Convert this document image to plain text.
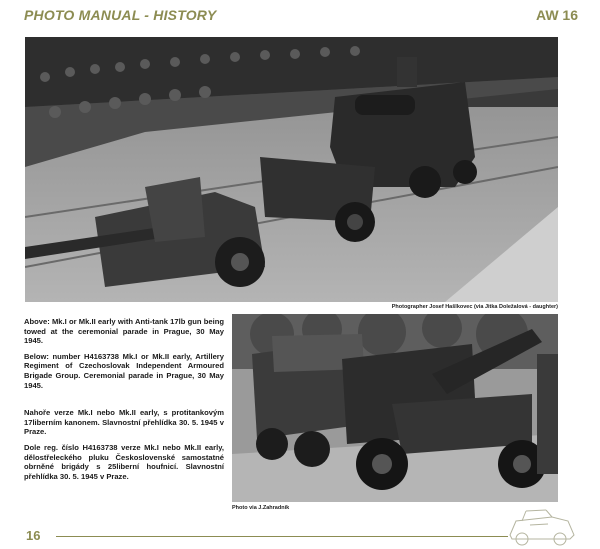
PHOTO MANUAL - HISTORY	AW 16
Photographer Josef Hašlkovec (via Jitka Doležalová - daughter)
Photo via J.Zahradník

Above: Mk.I or Mk.II early with Anti-tank 17lb gun being towed at the ceremonial parade in Prague, 30 May 1945.

Below: number H4163738 Mk.I or Mk.II early, Artillery Regiment of Czechoslovak Independent Armoured Brigade Group. Ceremonial parade in Prague, 30 May 1945.

Nahoře verze Mk.I nebo Mk.II early, s protitankovým 17liberním kanonem. Slavnostní přehlídka 30. 5. 1945 v Praze.

Dole reg. číslo H4163738 verze Mk.I nebo Mk.II early, dělostřeleckého pluku Československé samostatné obrněné brigády s 25liberní houfnicí. Slavnostní přehlídka 30. 5. 1945 v Praze.

16
